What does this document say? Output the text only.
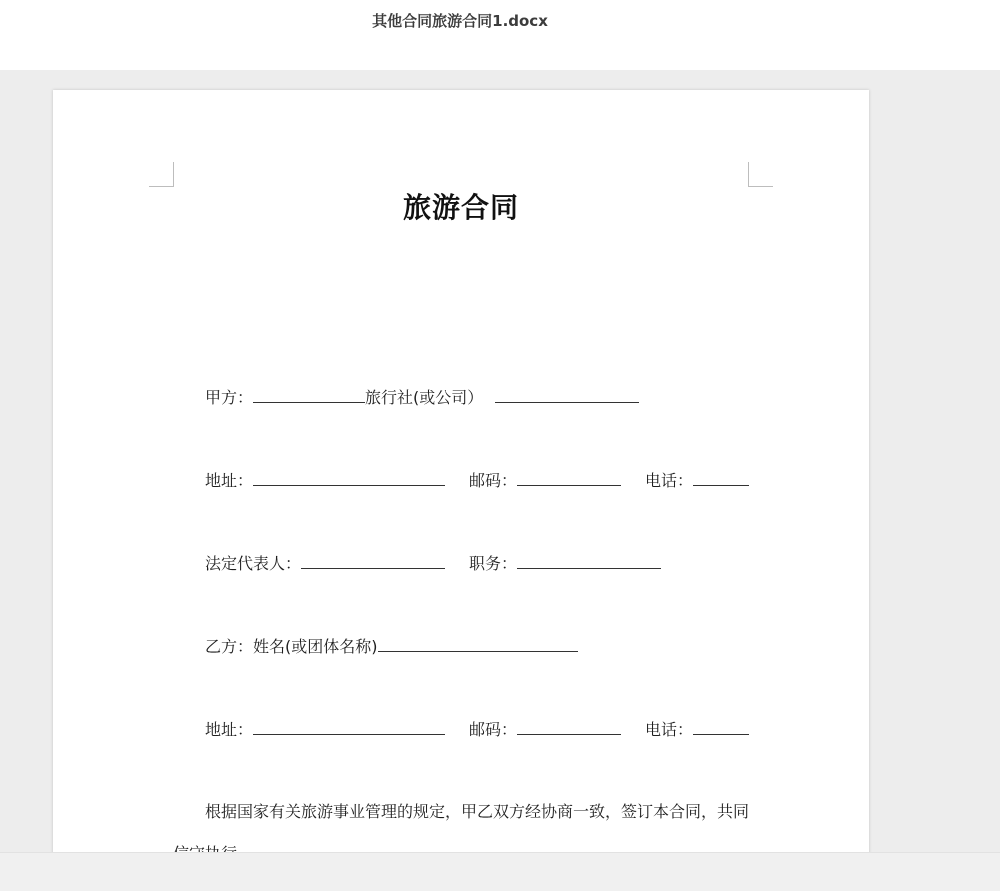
其他合同旅游合同1.docx
旅游合同
甲方：	旅行社(或公司）
地址：	邮码：	电话：
法定代表人：	职务：
乙方：姓名(或团体名称)
地址：	邮码：	电话：
根据国家有关旅游事业管理的规定，甲乙双方经协商一致，签订本合同，共同
